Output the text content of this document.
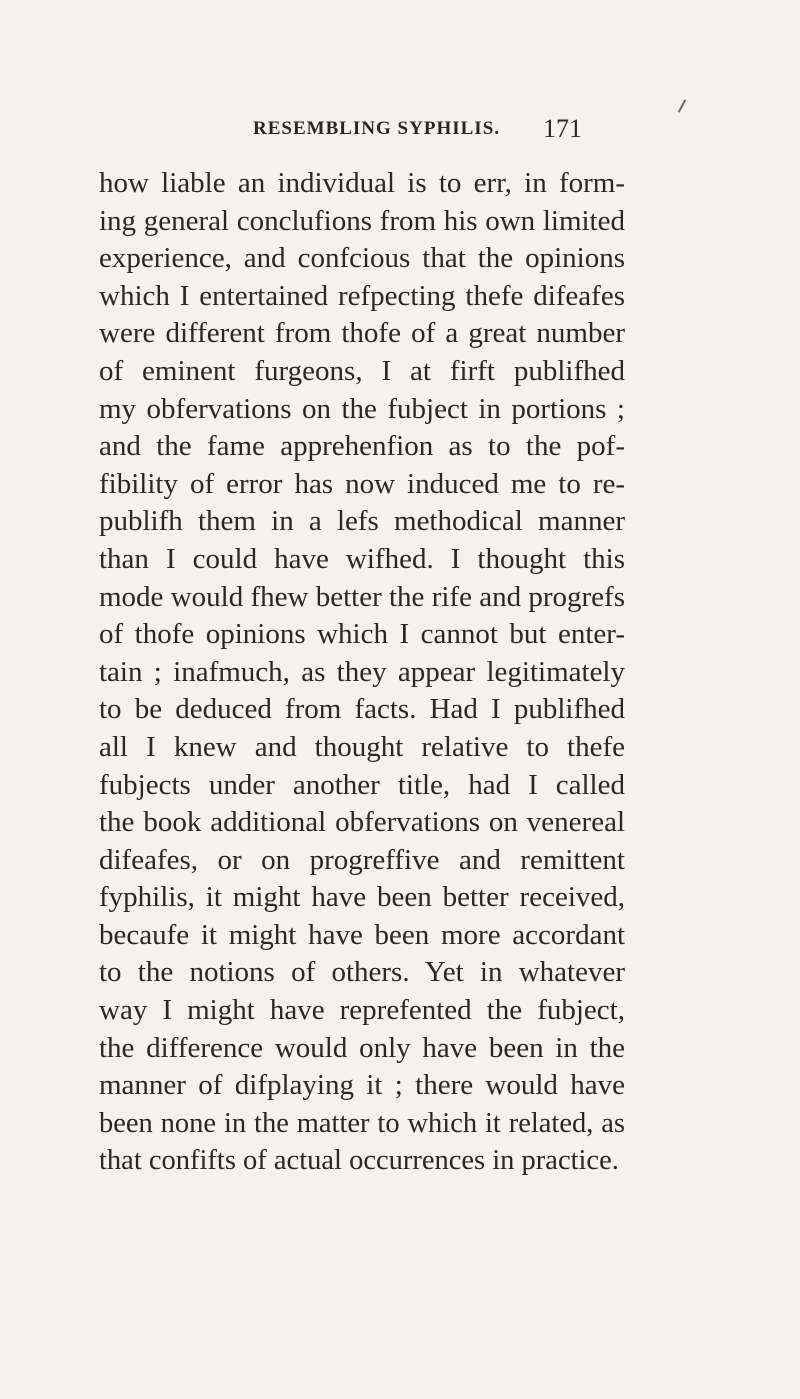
RESEMBLING SYPHILIS. 171
how liable an individual is to err, in form-
ing general conclufions from his own limited
experience, and confcious that the opinions
which I entertained refpecting thefe difeafes
were different from thofe of a great number
of eminent furgeons, I at firft publifhed
my obfervations on the fubject in portions ;
and the fame apprehenfion as to the pof-
fibility of error has now induced me to re-
publifh them in a lefs methodical manner
than I could have wifhed. I thought this
mode would fhew better the rife and progrefs
of thofe opinions which I cannot but enter-
tain ; inafmuch, as they appear legitimately
to be deduced from facts. Had I publifhed
all I knew and thought relative to thefe
fubjects under another title, had I called
the book additional obfervations on venereal
difeafes, or on progreffive and remittent
fyphilis, it might have been better received,
becaufe it might have been more accordant
to the notions of others. Yet in whatever
way I might have reprefented the fubject,
the difference would only have been in the
manner of difplaying it ; there would have
been none in the matter to which it related, as
that confifts of actual occurrences in practice.
